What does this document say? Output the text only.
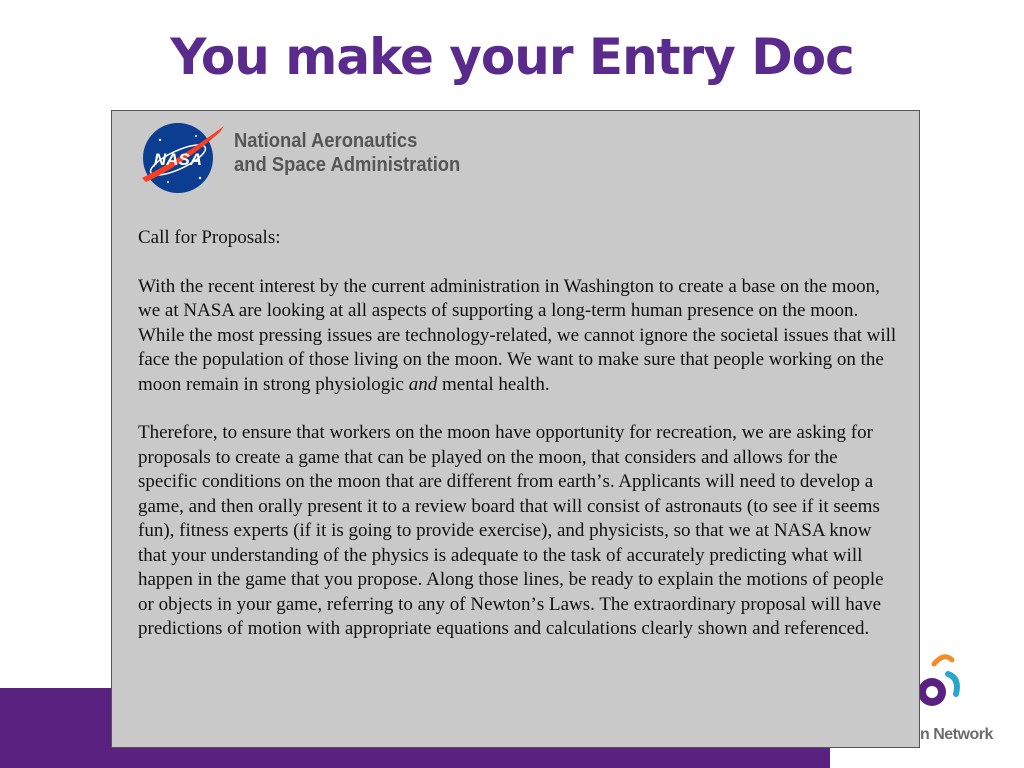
You make your Entry Doc
n Network
NASA
National Aeronautics
and Space Administration

Call for Proposals:

With the recent interest by the current administration in Washington to create a base on the moon, we at NASA are looking at all aspects of supporting a long-term human presence on the moon. While the most pressing issues are technology-related, we cannot ignore the societal issues that will face the population of those living on the moon. We want to make sure that people working on the moon remain in strong physiologic and mental health.

Therefore, to ensure that workers on the moon have opportunity for recreation, we are asking for proposals to create a game that can be played on the moon, that considers and allows for the specific conditions on the moon that are different from earthʼs. Applicants will need to develop a game, and then orally present it to a review board that will consist of astronauts (to see if it seems fun), fitness experts (if it is going to provide exercise), and physicists, so that we at NASA know that your understanding of the physics is adequate to the task of accurately predicting what will happen in the game that you propose. Along those lines, be ready to explain the motions of people or objects in your game, referring to any of Newtonʼs Laws. The extraordinary proposal will have predictions of motion with appropriate equations and calculations clearly shown and referenced.
